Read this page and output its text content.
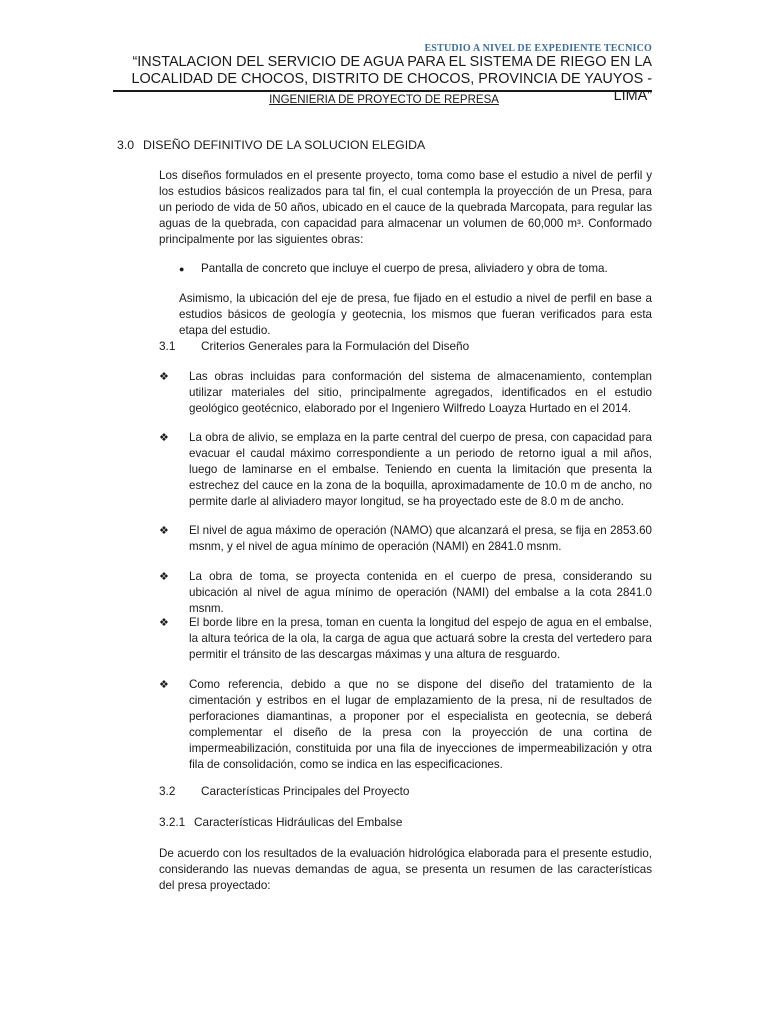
ESTUDIO A NIVEL DE EXPEDIENTE TECNICO
“INSTALACION DEL SERVICIO DE AGUA PARA EL SISTEMA DE RIEGO EN LA LOCALIDAD DE CHOCOS, DISTRITO DE CHOCOS, PROVINCIA DE YAUYOS - LIMA”
INGENIERIA DE PROYECTO DE REPRESA
3.0 DISEÑO DEFINITIVO DE LA SOLUCION ELEGIDA

Los diseños formulados en el presente proyecto, toma como base el estudio a nivel de perfil y los estudios básicos realizados para tal fin, el cual contempla la proyección de un Presa, para un periodo de vida de 50 años, ubicado en el cauce de la quebrada Marcopata, para regular las aguas de la quebrada, con capacidad para almacenar un volumen de 60,000 m³. Conformado principalmente por las siguientes obras:

● Pantalla de concreto que incluye el cuerpo de presa, aliviadero y obra de toma.

Asimismo, la ubicación del eje de presa, fue fijado en el estudio a nivel de perfil en base a estudios básicos de geología y geotecnia, los mismos que fueran verificados para esta etapa del estudio.

3.1 Criterios Generales para la Formulación del Diseño
❖	Las obras incluidas para conformación del sistema de almacenamiento, contemplan utilizar materiales del sitio, principalmente agregados, identificados en el estudio geológico geotécnico, elaborado por el Ingeniero Wilfredo Loayza Hurtado en el 2014.

❖	La obra de alivio, se emplaza en la parte central del cuerpo de presa, con capacidad para evacuar el caudal máximo correspondiente a un periodo de retorno igual a mil años, luego de laminarse en el embalse. Teniendo en cuenta la limitación que presenta la estrechez del cauce en la zona de la boquilla, aproximadamente de 10.0 m de ancho, no permite darle al aliviadero mayor longitud, se ha proyectado este de 8.0 m de ancho.

❖	El nivel de agua máximo de operación (NAMO) que alcanzará el presa, se fija en 2853.60 msnm, y el nivel de agua mínimo de operación (NAMI) en 2841.0 msnm.

❖	La obra de toma, se proyecta contenida en el cuerpo de presa, considerando su ubicación al nivel de agua mínimo de operación (NAMI) del embalse a la cota 2841.0 msnm.

❖	El borde libre en la presa, toman en cuenta la longitud del espejo de agua en el embalse, la altura teórica de la ola, la carga de agua que actuará sobre la cresta del vertedero para permitir el tránsito de las descargas máximas y una altura de resguardo.

❖	Como referencia, debido a que no se dispone del diseño del tratamiento de la cimentación y estribos en el lugar de emplazamiento de la presa, ni de resultados de perforaciones diamantinas, a proponer por el especialista en geotecnia, se deberá complementar el diseño de la presa con la proyección de una cortina de impermeabilización, constituida por una fila de inyecciones de impermeabilización y otra fila de consolidación, como se indica en las especificaciones.

3.2 Características Principales del Proyecto
3.2.1 Características Hidráulicas del Embalse

De acuerdo con los resultados de la evaluación hidrológica elaborada para el presente estudio, considerando las nuevas demandas de agua, se presenta un resumen de las características del presa proyectado:
